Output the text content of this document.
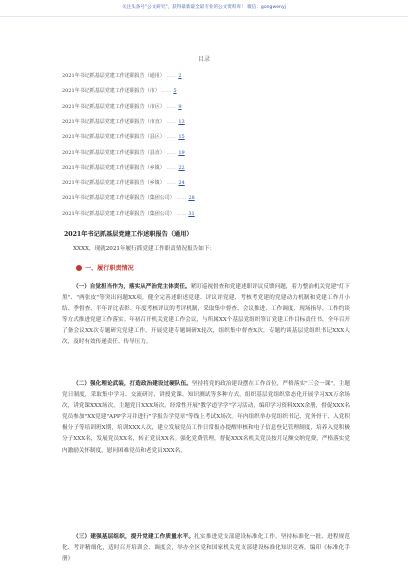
关注头条号"公文研究"，获得最新最全最专业的公文资料库！ 微信：gongwenyj
目录
2021年书记抓基层党建工作述职报告（通用） …… 2
2021年书记抓基层党建工作述职报告（市） …… 5
2021年书记抓基层党建工作述职报告（市区） …… 9
2021年书记抓基层党建工作述职报告（市直） …… 13
2021年书记抓基层党建工作述职报告（县区） …… 15
2021年书记抓基层党建工作述职报告（县直） …… 19
2021年书记抓基层党建工作述职报告（乡镇） …… 22
2021年书记抓基层党建工作述职报告（乡镇） …… 24
2021年书记抓基层党建工作述职报告（集团公司） …… 28
2021年书记抓基层党建工作述职报告（集团公司） …… 31
2021年书记抓基层党建工作述职报告（通用）

XXXX，现就2021年履行抓党建工作职责情况报告如下：

一、履行职责情况

（一）自觉担当作为，落实从严治党主体责任。紧盯巡视督查和党建述职评议反馈问题，着力整治机关党建"灯下黑"、"两张皮"等突出问题XX项，健全完善述职述党建、评议评党建、考核考党建的党建动力机制和党建工作月小结、季督查、半年评比表彰、年度考核评议的考评机制，采取集中督查、会议推进、工作调度、现场指导、工作约谈等方式推进党建工作落实。年初召开机关党建工作会议，与所属XX个基层党组织签订党建工作目标责任书，全年召开了备会议XX次专题研究党建工作，开展党建专题调研X轮次，组织集中督查X次，专题约谈基层党组织书记XXX人次，及时有效传递责任、传导压力。

（二）强化理论武装，打造政治建设过硬队伍。坚持将党的政治建设摆在工作首位，严格落实"三会一课"，主题党日制度，采取集中学习、交流研讨、讲授党课、知识测试等多种方式，组织基层党组织常态化开展学习XX万余场次，讲党课XXX场次，主题党日XXX场次。经常性开展"教学道学学"学习活动，编印学习资料XXX余册，督促XXX名党员参加"XX党建"APP学习并进行"学报告学党章"等线上考试X场次。年内组织举办党组织书记、党务骨干、入党积极分子等培训班X期，培训XXX人次，建立发展党员工作日常报办提醒审核和电子信息登记管理制度，培养入党积极分子XXX名，发展党员XX名，转正党员XX名。强化党费管理，督促XXX名机关党员按月足额交纳党费，严格落实党内激励关怀制度，慰问困难党员和老党员XXX名。

（三）建强基层组织，提升党建工作质量水平。扎实推进党支部建设标准化工作，坚持标准化一批、进程规范化、考评精细化，适时召开培训会、调度会，举办全区党和国家机关党支部建设标准化知识竞赛，编印《标准化手册》
